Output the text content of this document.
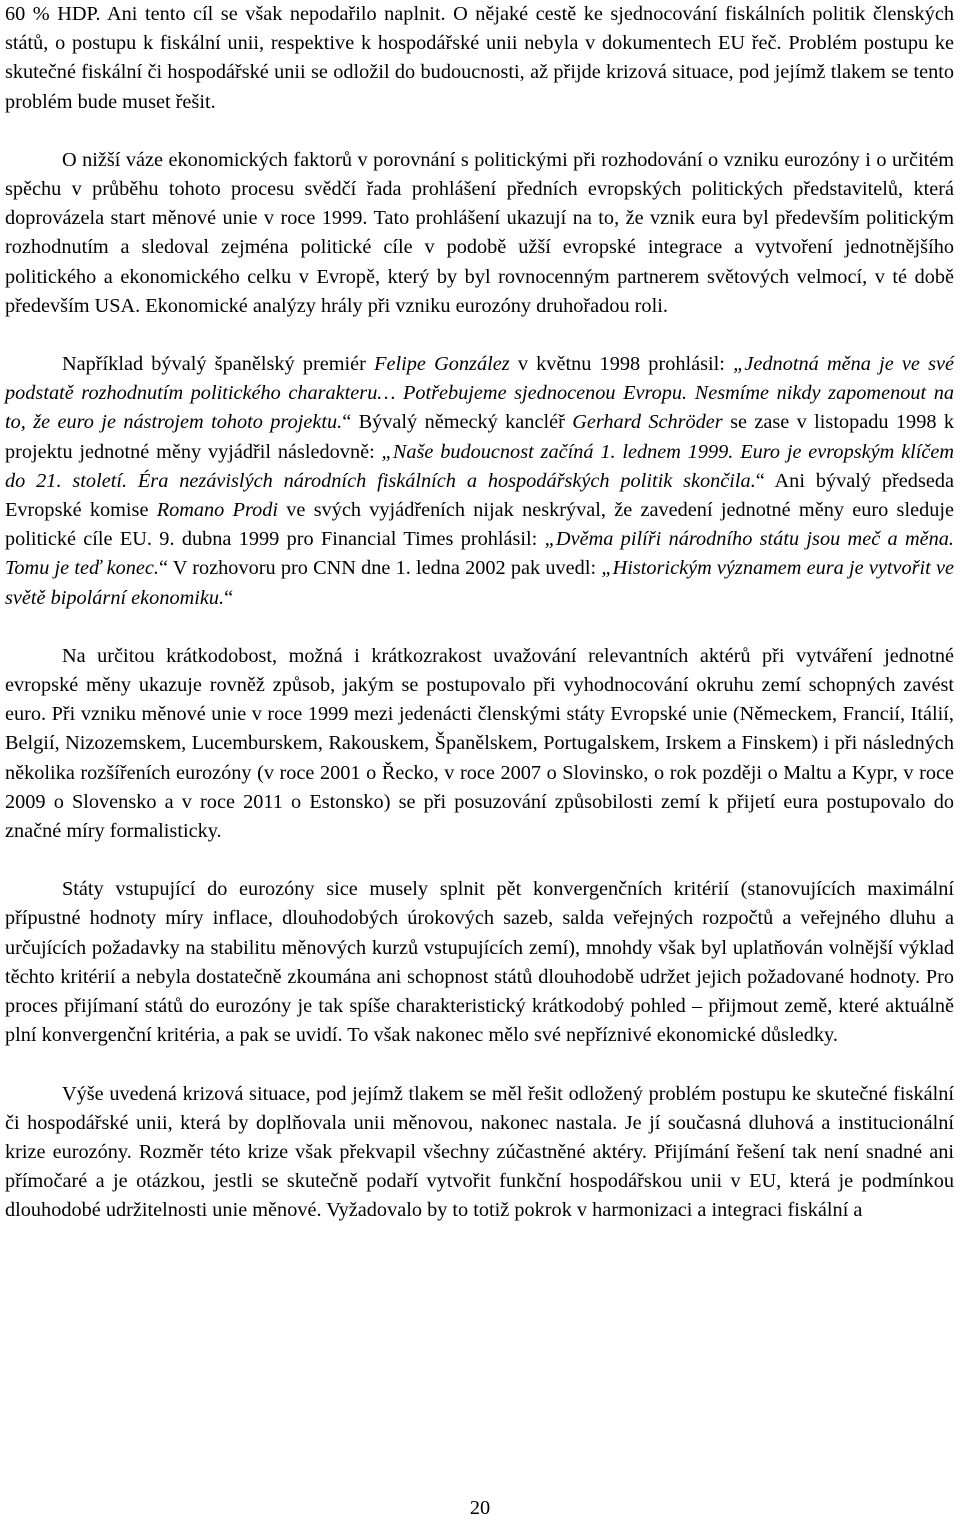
60 % HDP. Ani tento cíl se však nepodařilo naplnit. O nějaké cestě ke sjednocování fiskálních politik členských států, o postupu k fiskální unii, respektive k hospodářské unii nebyla v dokumentech EU řeč. Problém postupu ke skutečné fiskální či hospodářské unii se odložil do budoucnosti, až přijde krizová situace, pod jejímž tlakem se tento problém bude muset řešit.

O nižší váze ekonomických faktorů v porovnání s politickými při rozhodování o vzniku eurozóny i o určitém spěchu v průběhu tohoto procesu svědčí řada prohlášení předních evropských politických představitelů, která doprovázela start měnové unie v roce 1999. Tato prohlášení ukazují na to, že vznik eura byl především politickým rozhodnutím a sledoval zejména politické cíle v podobě užší evropské integrace a vytvoření jednotnějšího politického a ekonomického celku v Evropě, který by byl rovnocenným partnerem světových velmocí, v té době především USA. Ekonomické analýzy hrály při vzniku eurozóny druhořadou roli.

Například bývalý španělský premiér Felipe González v květnu 1998 prohlásil: „Jednotná měna je ve své podstatě rozhodnutím politického charakteru… Potřebujeme sjednocenou Evropu. Nesmíme nikdy zapomenout na to, že euro je nástrojem tohoto projektu.“ Bývalý německý kancléř Gerhard Schröder se zase v listopadu 1998 k projektu jednotné měny vyjádřil následovně: „Naše budoucnost začíná 1. lednem 1999. Euro je evropským klíčem do 21. století. Éra nezávislých národních fiskálních a hospodářských politik skončila.“ Ani bývalý předseda Evropské komise Romano Prodi ve svých vyjádřeních nijak neskrýval, že zavedení jednotné měny euro sleduje politické cíle EU. 9. dubna 1999 pro Financial Times prohlásil: „Dvěma pilíři národního státu jsou meč a měna. Tomu je teď konec.“ V rozhovoru pro CNN dne 1. ledna 2002 pak uvedl: „Historickým významem eura je vytvořit ve světě bipolární ekonomiku.“

Na určitou krátkodobost, možná i krátkozrakost uvažování relevantních aktérů při vytváření jednotné evropské měny ukazuje rovněž způsob, jakým se postupovalo při vyhodnocování okruhu zemí schopných zavést euro. Při vzniku měnové unie v roce 1999 mezi jedenácti členskými státy Evropské unie (Německem, Francií, Itálií, Belgií, Nizozemskem, Lucemburskem, Rakouskem, Španělskem, Portugalskem, Irskem a Finskem) i při následných několika rozšířeních eurozóny (v roce 2001 o Řecko, v roce 2007 o Slovinsko, o rok později o Maltu a Kypr, v roce 2009 o Slovensko a v roce 2011 o Estonsko) se při posuzování způsobilosti zemí k přijetí eura postupovalo do značné míry formalisticky.

Státy vstupující do eurozóny sice musely splnit pět konvergenčních kritérií (stanovujících maximální přípustné hodnoty míry inflace, dlouhodobých úrokových sazeb, salda veřejných rozpočtů a veřejného dluhu a určujících požadavky na stabilitu měnových kurzů vstupujících zemí), mnohdy však byl uplatňován volnější výklad těchto kritérií a nebyla dostatečně zkoumána ani schopnost států dlouhodobě udržet jejich požadované hodnoty. Pro proces přijímaní států do eurozóny je tak spíše charakteristický krátkodobý pohled – přijmout země, které aktuálně plní konvergenční kritéria, a pak se uvidí. To však nakonec mělo své nepříznivé ekonomické důsledky.

Výše uvedená krizová situace, pod jejímž tlakem se měl řešit odložený problém postupu ke skutečné fiskální či hospodářské unii, která by doplňovala unii měnovou, nakonec nastala. Je jí současná dluhová a institucionální krize eurozóny. Rozměr této krize však překvapil všechny zúčastněné aktéry. Přijímání řešení tak není snadné ani přímočaré a je otázkou, jestli se skutečně podaří vytvořit funkční hospodářskou unii v EU, která je podmínkou dlouhodobé udržitelnosti unie měnové. Vyžadovalo by to totiž pokrok v harmonizaci a integraci fiskální a

20
